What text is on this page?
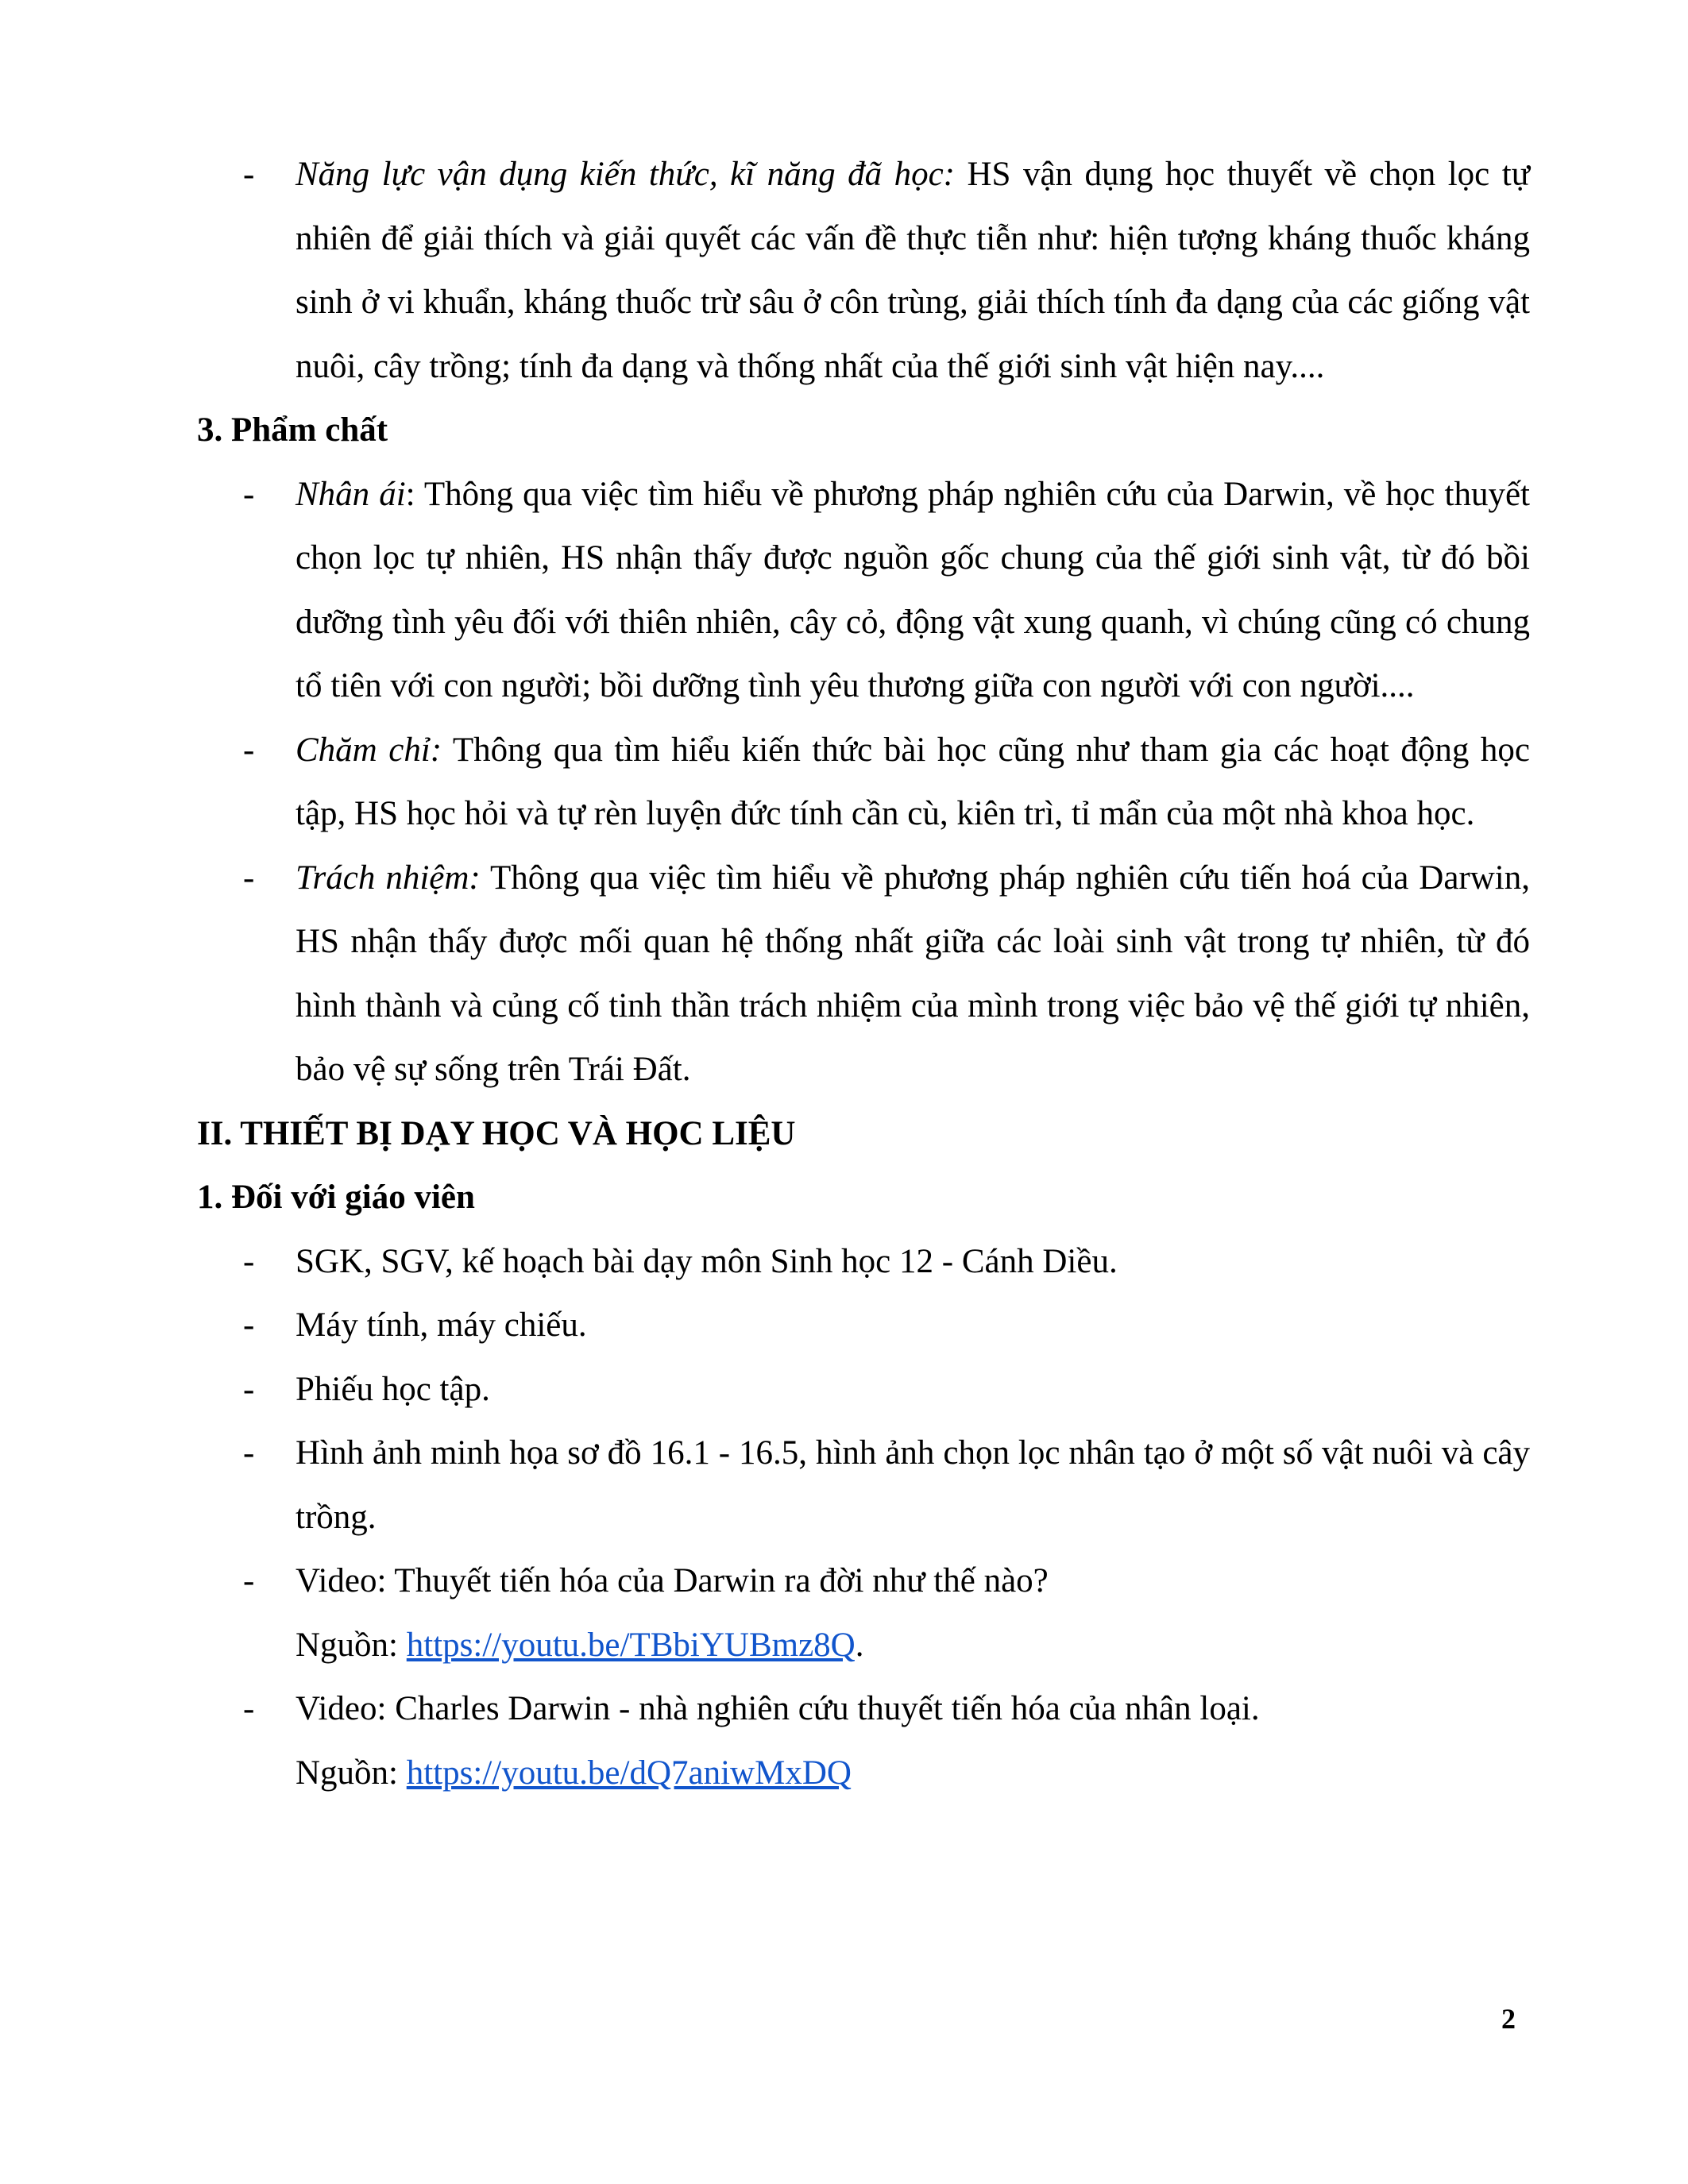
- Năng lực vận dụng kiến thức, kĩ năng đã học: HS vận dụng học thuyết về chọn lọc tự nhiên để giải thích và giải quyết các vấn đề thực tiễn như: hiện tượng kháng thuốc kháng sinh ở vi khuẩn, kháng thuốc trừ sâu ở côn trùng, giải thích tính đa dạng của các giống vật nuôi, cây trồng; tính đa dạng và thống nhất của thế giới sinh vật hiện nay....
3. Phẩm chất
- Nhân ái: Thông qua việc tìm hiểu về phương pháp nghiên cứu của Darwin, về học thuyết chọn lọc tự nhiên, HS nhận thấy được nguồn gốc chung của thế giới sinh vật, từ đó bồi dưỡng tình yêu đối với thiên nhiên, cây cỏ, động vật xung quanh, vì chúng cũng có chung tổ tiên với con người; bồi dưỡng tình yêu thương giữa con người với con người....
- Chăm chỉ: Thông qua tìm hiểu kiến thức bài học cũng như tham gia các hoạt động học tập, HS học hỏi và tự rèn luyện đức tính cần cù, kiên trì, tỉ mẩn của một nhà khoa học.
- Trách nhiệm: Thông qua việc tìm hiểu về phương pháp nghiên cứu tiến hoá của Darwin, HS nhận thấy được mối quan hệ thống nhất giữa các loài sinh vật trong tự nhiên, từ đó hình thành và củng cố tinh thần trách nhiệm của mình trong việc bảo vệ thế giới tự nhiên, bảo vệ sự sống trên Trái Đất.
II. THIẾT BỊ DẠY HỌC VÀ HỌC LIỆU
1. Đối với giáo viên
- SGK, SGV, kế hoạch bài dạy môn Sinh học 12 - Cánh Diều.
- Máy tính, máy chiếu.
- Phiếu học tập.
- Hình ảnh minh họa sơ đồ 16.1 - 16.5, hình ảnh chọn lọc nhân tạo ở một số vật nuôi và cây trồng.
- Video: Thuyết tiến hóa của Darwin ra đời như thế nào?
Nguồn: https://youtu.be/TBbiYUBmz8Q.
- Video: Charles Darwin - nhà nghiên cứu thuyết tiến hóa của nhân loại.
Nguồn: https://youtu.be/dQ7aniwMxDQ
2
